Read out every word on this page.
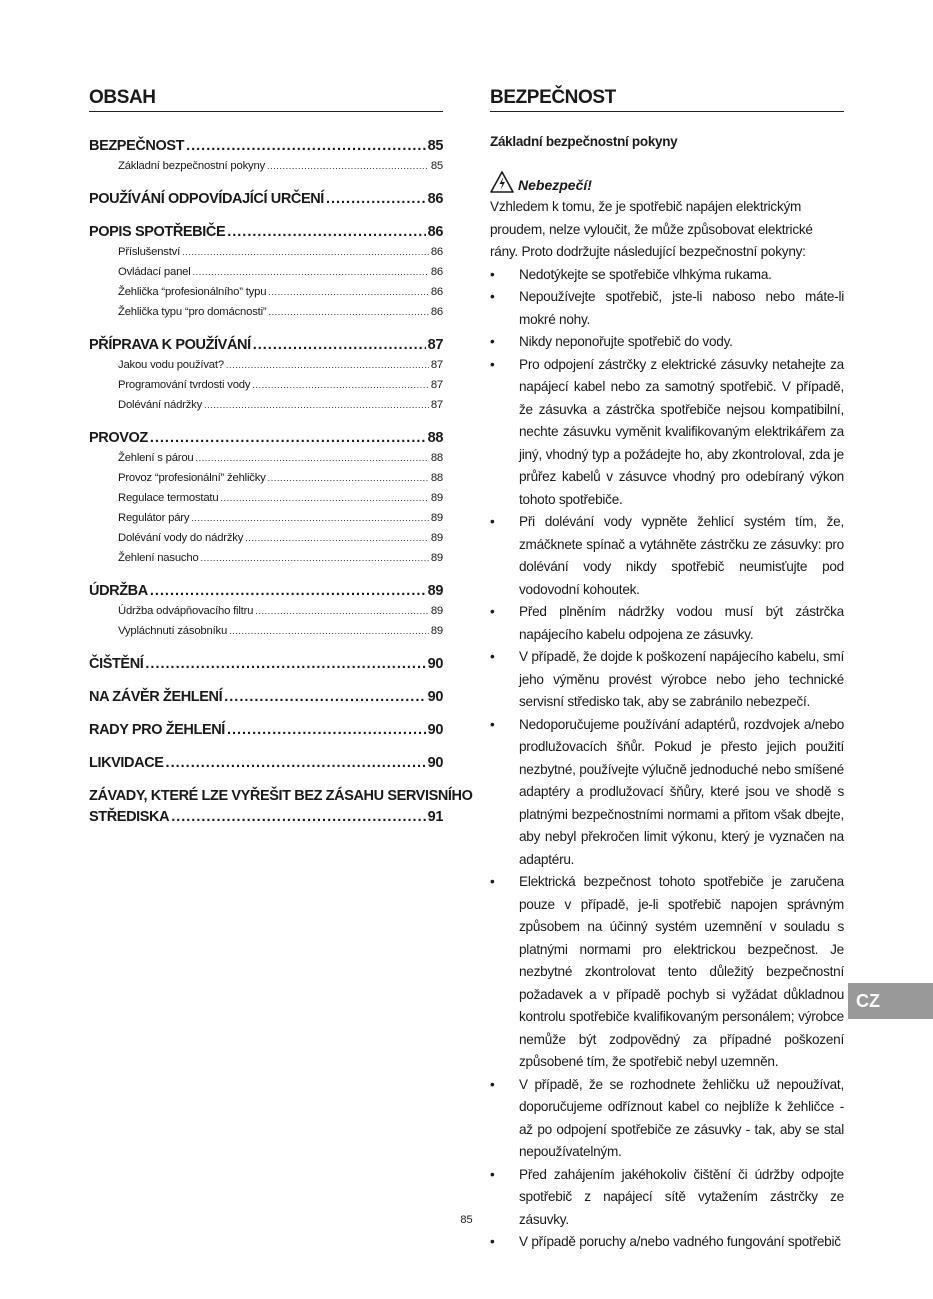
OBSAH
BEZPEČNOST .....	85
Základní bezpečnostní pokyny .....	85
POUŽÍVÁNÍ ODPOVÍDAJÍCÍ URČENÍ .....	86
POPIS SPOTŘEBIČE .....	86
Příslušenství .....	86
Ovládací panel .....	86
Žehlička “profesionálního” typu .....	86
Žehlička typu “pro domácnosti” .....	86
PŘÍPRAVA K POUŽÍVÁNÍ .....	87
Jakou vodu používat? .....	87
Programování tvrdosti vody .....	87
Dolévání nádržky .....	87
PROVOZ .....	88
Žehlení s párou .....	88
Provoz “profesionální” žehličky .....	88
Regulace termostatu .....	89
Regulátor páry .....	89
Dolévání vody do nádržky .....	89
Žehlení nasucho .....	89
ÚDRŽBA .....	89
Údržba odvápňovacího filtru .....	89
Vypláchnutí zásobníku .....	89
ČIŠTĚNÍ .....	90
NA ZÁVĚR ŽEHLENÍ .....	90
RADY PRO ŽEHLENÍ .....	90
LIKVIDACE .....	90
ZÁVADY, KTERÉ LZE VYŘEŠIT BEZ ZÁSAHU SERVISNÍHO
STŘEDISKA .....	91
BEZPEČNOST
Základní bezpečnostní pokyny
Nebezpečí!
Vzhledem k tomu, že je spotřebič napájen elektrickým proudem, nelze vyloučit, že může způsobovat elektrické rány. Proto dodržujte následující bezpečnostní pokyny:
• Nedotýkejte se spotřebiče vlhkýma rukama.
• Nepoužívejte spotřebič, jste-li naboso nebo máte-li mokré nohy.
• Nikdy neponořujte spotřebič do vody.
• Pro odpojení zástrčky z elektrické zásuvky netahejte za napájecí kabel nebo za samotný spotřebič. V případě, že zásuvka a zástrčka spotřebiče nejsou kompatibilní, nechte zásuvku vyměnit kvalifikovaným elektrikářem za jiný, vhodný typ a požádejte ho, aby zkontroloval, zda je průřez kabelů v zásuvce vhodný pro odebíraný výkon tohoto spotřebiče.
• Při dolévání vody vypněte žehlicí systém tím, že, zmáčknete spínač a vytáhněte zástrčku ze zásuvky: pro dolévání vody nikdy spotřebič neumisťujte pod vodovodní kohoutek.
• Před plněním nádržky vodou musí být zástrčka napájecího kabelu odpojena ze zásuvky.
• V případě, že dojde k poškození napájecího kabelu, smí jeho výměnu provést výrobce nebo jeho technické servisní středisko tak, aby se zabránilo nebezpečí.
• Nedoporučujeme používání adaptérů, rozdvojek a/nebo prodlužovacích šňůr. Pokud je přesto jejich použití nezbytné, používejte výlučně jednoduché nebo smíšené adaptéry a prodlužovací šňůry, které jsou ve shodě s platnými bezpečnostními normami a přitom však dbejte, aby nebyl překročen limit výkonu, který je vyznačen na adaptéru.
• Elektrická bezpečnost tohoto spotřebiče je zaručena pouze v případě, je-li spotřebič napojen správným způsobem na účinný systém uzemnění v souladu s platnými normami pro elektrickou bezpečnost. Je nezbytné zkontrolovat tento důležitý bezpečnostní požadavek a v případě pochyb si vyžádat důkladnou kontrolu spotřebiče kvalifikovaným personálem; výrobce nemůže být zodpovědný za případné poškození způsobené tím, že spotřebič nebyl uzemněn.
• V případě, že se rozhodnete žehličku už nepoužívat, doporučujeme odříznout kabel co nejblíže k žehličce - až po odpojení spotřebiče ze zásuvky - tak, aby se stal nepoužívatelným.
• Před zahájením jakéhokoliv čištění či údržby odpojte spotřebič z napájecí sítě vytažením zástrčky ze zásuvky.
• V případě poruchy a/nebo vadného fungování spotřebič
CZ
85
